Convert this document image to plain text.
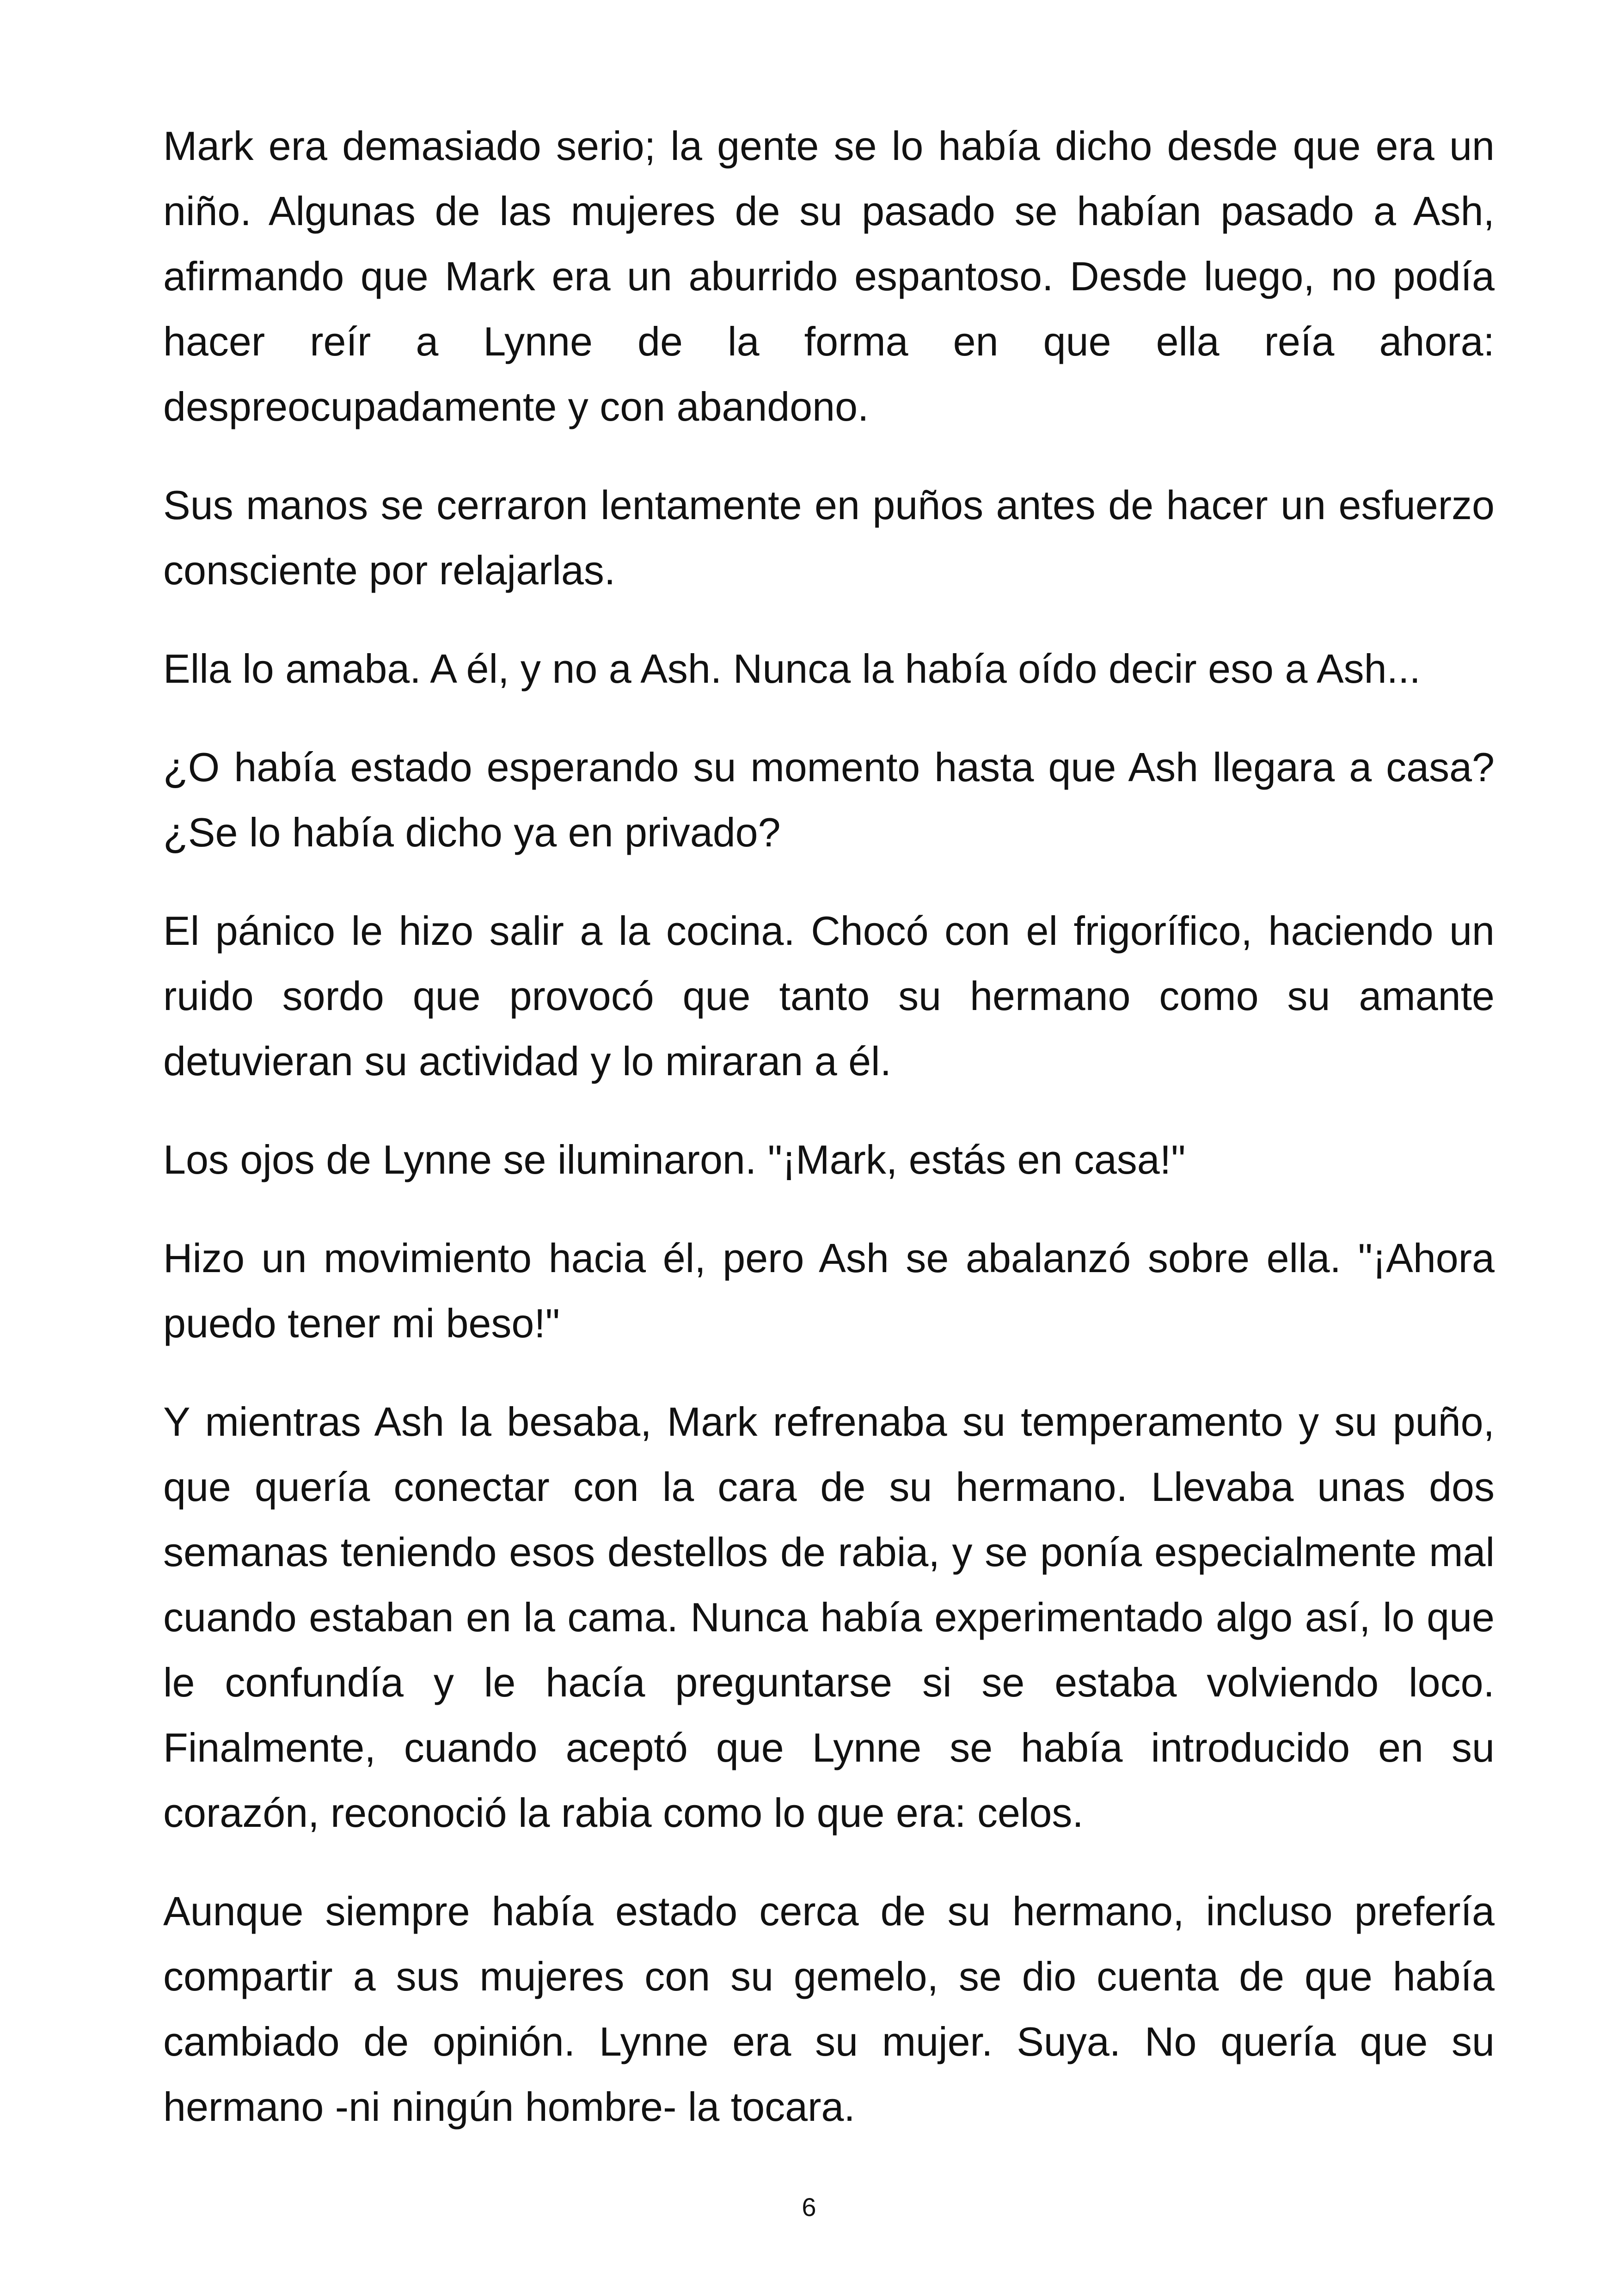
Mark era demasiado serio; la gente se lo había dicho desde que era un niño. Algunas de las mujeres de su pasado se habían pasado a Ash, afirmando que Mark era un aburrido espantoso. Desde luego, no podía hacer reír a Lynne de la forma en que ella reía ahora: despreocupadamente y con abandono.

Sus manos se cerraron lentamente en puños antes de hacer un esfuerzo consciente por relajarlas.

Ella lo amaba. A él, y no a Ash. Nunca la había oído decir eso a Ash...

¿O había estado esperando su momento hasta que Ash llegara a casa? ¿Se lo había dicho ya en privado?

El pánico le hizo salir a la cocina. Chocó con el frigorífico, haciendo un ruido sordo que provocó que tanto su hermano como su amante detuvieran su actividad y lo miraran a él.

Los ojos de Lynne se iluminaron. "¡Mark, estás en casa!"

Hizo un movimiento hacia él, pero Ash se abalanzó sobre ella. "¡Ahora puedo tener mi beso!"

Y mientras Ash la besaba, Mark refrenaba su temperamento y su puño, que quería conectar con la cara de su hermano. Llevaba unas dos semanas teniendo esos destellos de rabia, y se ponía especialmente mal cuando estaban en la cama. Nunca había experimentado algo así, lo que le confundía y le hacía preguntarse si se estaba volviendo loco. Finalmente, cuando aceptó que Lynne se había introducido en su corazón, reconoció la rabia como lo que era: celos.

Aunque siempre había estado cerca de su hermano, incluso prefería compartir a sus mujeres con su gemelo, se dio cuenta de que había cambiado de opinión. Lynne era su mujer. Suya. No quería que su hermano -ni ningún hombre- la tocara.

6
